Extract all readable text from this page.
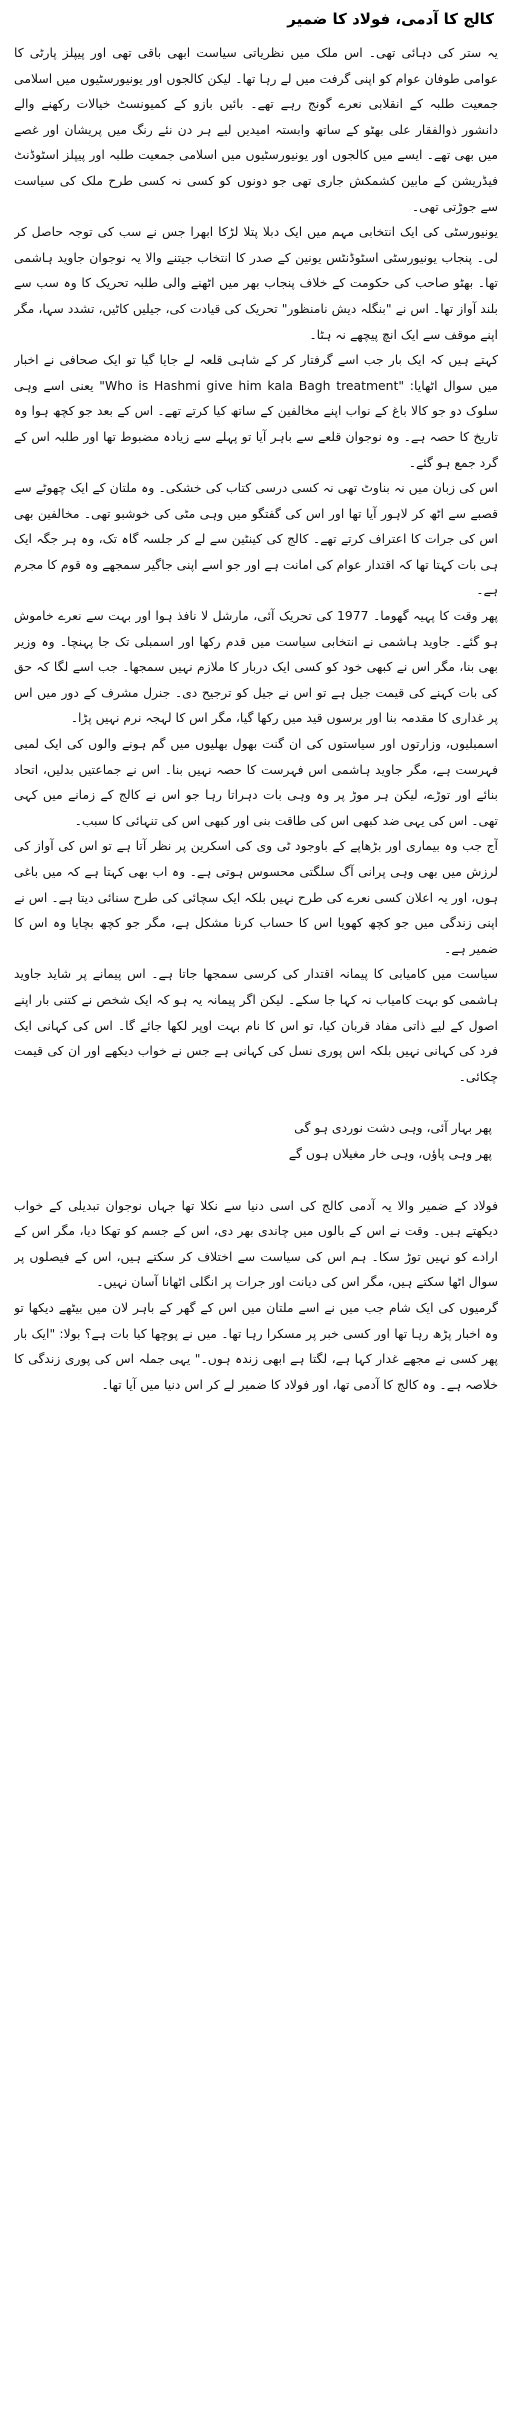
کالج کا آدمی، فولاد کا ضمیر

یہ ستر کی دہائی تھی۔ اس ملک میں نظریاتی سیاست ابھی باقی تھی اور پیپلز پارٹی کا عوامی طوفان عوام کو اپنی گرفت میں لے رہا تھا۔ لیکن کالجوں اور یونیورسٹیوں میں اسلامی جمعیت طلبہ کے انقلابی نعرے گونج رہے تھے۔ بائیں بازو کے کمیونسٹ خیالات رکھنے والے دانشور ذوالفقار علی بھٹو کے ساتھ وابستہ امیدیں لیے ہر دن نئے رنگ میں پریشان اور غصے میں بھی تھے۔ ایسے میں کالجوں اور یونیورسٹیوں میں اسلامی جمعیت طلبہ اور پیپلز اسٹوڈنٹ فیڈریشن کے مابین کشمکش جاری تھی جو دونوں کو کسی نہ کسی طرح ملک کی سیاست سے جوڑتی تھی۔

یونیورسٹی کی ایک انتخابی مہم میں ایک دبلا پتلا لڑکا ابھرا جس نے سب کی توجہ حاصل کر لی۔ پنجاب یونیورسٹی اسٹوڈنٹس یونین کے صدر کا انتخاب جیتنے والا یہ نوجوان جاوید ہاشمی تھا۔ بھٹو صاحب کی حکومت کے خلاف پنجاب بھر میں اٹھنے والی طلبہ تحریک کا وہ سب سے بلند آواز تھا۔ اس نے "بنگلہ دیش نامنظور" تحریک کی قیادت کی، جیلیں کاٹیں، تشدد سہا، مگر اپنے موقف سے ایک انچ پیچھے نہ ہٹا۔

کہتے ہیں کہ ایک بار جب اسے گرفتار کر کے شاہی قلعہ لے جایا گیا تو ایک صحافی نے اخبار میں سوال اٹھایا: "Who is Hashmi give him kala Bagh treatment" یعنی اسے وہی سلوک دو جو کالا باغ کے نواب اپنے مخالفین کے ساتھ کیا کرتے تھے۔ اس کے بعد جو کچھ ہوا وہ تاریخ کا حصہ ہے۔ وہ نوجوان قلعے سے باہر آیا تو پہلے سے زیادہ مضبوط تھا اور طلبہ اس کے گرد جمع ہو گئے۔

اس کی زبان میں نہ بناوٹ تھی نہ کسی درسی کتاب کی خشکی۔ وہ ملتان کے ایک چھوٹے سے قصبے سے اٹھ کر لاہور آیا تھا اور اس کی گفتگو میں وہی مٹی کی خوشبو تھی۔ مخالفین بھی اس کی جرات کا اعتراف کرتے تھے۔ کالج کی کینٹین سے لے کر جلسہ گاہ تک، وہ ہر جگہ ایک ہی بات کہتا تھا کہ اقتدار عوام کی امانت ہے اور جو اسے اپنی جاگیر سمجھے وہ قوم کا مجرم ہے۔

پھر وقت کا پہیہ گھوما۔ 1977 کی تحریک آئی، مارشل لا نافذ ہوا اور بہت سے نعرے خاموش ہو گئے۔ جاوید ہاشمی نے انتخابی سیاست میں قدم رکھا اور اسمبلی تک جا پہنچا۔ وہ وزیر بھی بنا، مگر اس نے کبھی خود کو کسی ایک دربار کا ملازم نہیں سمجھا۔ جب اسے لگا کہ حق کی بات کہنے کی قیمت جیل ہے تو اس نے جیل کو ترجیح دی۔ جنرل مشرف کے دور میں اس پر غداری کا مقدمہ بنا اور برسوں قید میں رکھا گیا، مگر اس کا لہجہ نرم نہیں پڑا۔

اسمبلیوں، وزارتوں اور سیاستوں کی ان گنت بھول بھلیوں میں گم ہونے والوں کی ایک لمبی فہرست ہے، مگر جاوید ہاشمی اس فہرست کا حصہ نہیں بنا۔ اس نے جماعتیں بدلیں، اتحاد بنائے اور توڑے، لیکن ہر موڑ پر وہ وہی بات دہراتا رہا جو اس نے کالج کے زمانے میں کہی تھی۔ اس کی یہی ضد کبھی اس کی طاقت بنی اور کبھی اس کی تنہائی کا سبب۔

آج جب وہ بیماری اور بڑھاپے کے باوجود ٹی وی کی اسکرین پر نظر آتا ہے تو اس کی آواز کی لرزش میں بھی وہی پرانی آگ سلگتی محسوس ہوتی ہے۔ وہ اب بھی کہتا ہے کہ میں باغی ہوں، اور یہ اعلان کسی نعرے کی طرح نہیں بلکہ ایک سچائی کی طرح سنائی دیتا ہے۔ اس نے اپنی زندگی میں جو کچھ کھویا اس کا حساب کرنا مشکل ہے، مگر جو کچھ بچایا وہ اس کا ضمیر ہے۔

سیاست میں کامیابی کا پیمانہ اقتدار کی کرسی سمجھا جاتا ہے۔ اس پیمانے پر شاید جاوید ہاشمی کو بہت کامیاب نہ کہا جا سکے۔ لیکن اگر پیمانہ یہ ہو کہ ایک شخص نے کتنی بار اپنے اصول کے لیے ذاتی مفاد قربان کیا، تو اس کا نام بہت اوپر لکھا جائے گا۔ اس کی کہانی ایک فرد کی کہانی نہیں بلکہ اس پوری نسل کی کہانی ہے جس نے خواب دیکھے اور ان کی قیمت چکائی۔

پھر بہار آئی، وہی دشت نوردی ہو گی

پھر وہی پاؤں، وہی خار مغیلاں ہوں گے

فولاد کے ضمیر والا یہ آدمی کالج کی اسی دنیا سے نکلا تھا جہاں نوجوان تبدیلی کے خواب دیکھتے ہیں۔ وقت نے اس کے بالوں میں چاندی بھر دی، اس کے جسم کو تھکا دیا، مگر اس کے ارادے کو نہیں توڑ سکا۔ ہم اس کی سیاست سے اختلاف کر سکتے ہیں، اس کے فیصلوں پر سوال اٹھا سکتے ہیں، مگر اس کی دیانت اور جرات پر انگلی اٹھانا آسان نہیں۔

گرمیوں کی ایک شام جب میں نے اسے ملتان میں اس کے گھر کے باہر لان میں بیٹھے دیکھا تو وہ اخبار پڑھ رہا تھا اور کسی خبر پر مسکرا رہا تھا۔ میں نے پوچھا کیا بات ہے؟ بولا: "ایک بار پھر کسی نے مجھے غدار کہا ہے، لگتا ہے ابھی زندہ ہوں۔" یہی جملہ اس کی پوری زندگی کا خلاصہ ہے۔ وہ کالج کا آدمی تھا، اور فولاد کا ضمیر لے کر اس دنیا میں آیا تھا۔
